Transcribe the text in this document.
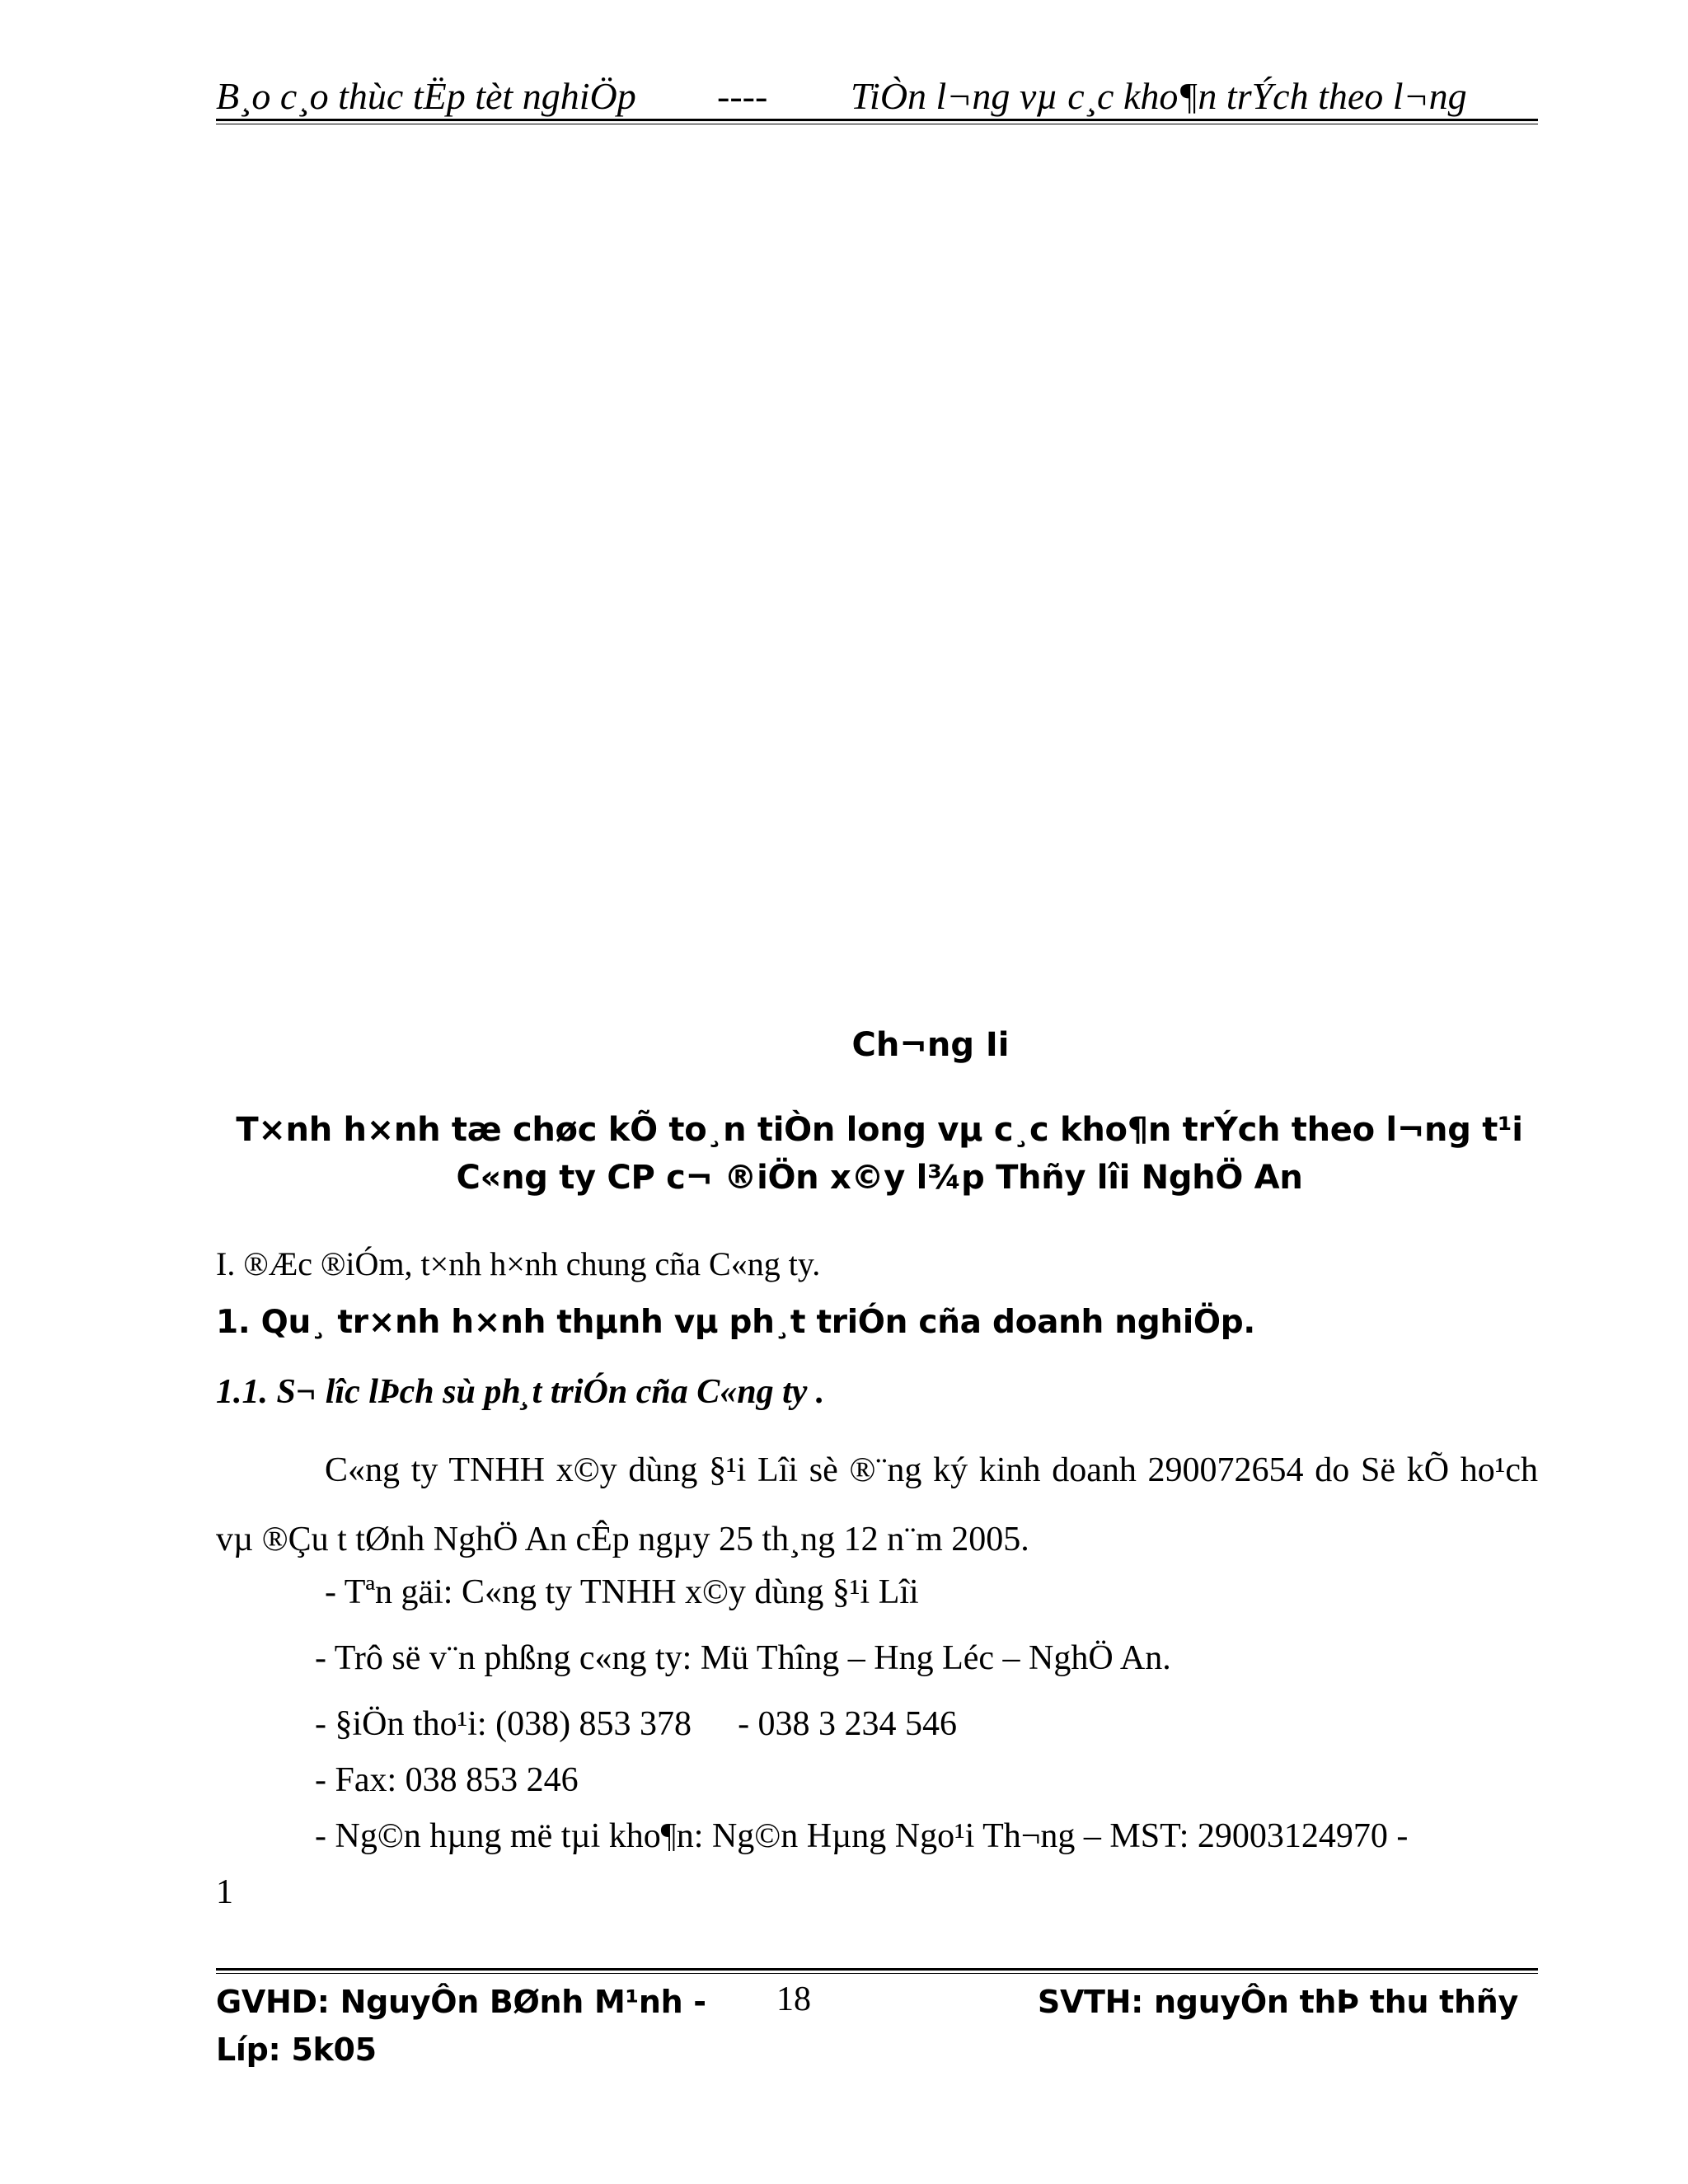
B¸o c¸o thùc tËp tèt nghiÖp ---- TiÒn l¬ng vµ c¸c kho¶n trÝch theo l¬ng
Ch¬ng Ii
T×nh h×nh tæ chøc kÕ to¸n tiÒn long vµ c¸c kho¶n trÝch theo l¬ng t¹i C«ng ty CP c¬ ®iÖn x©y l¾p Thñy lîi NghÖ An
I. ®Æc ®iÓm, t×nh h×nh chung cña C«ng ty.
1. Qu¸ tr×nh h×nh thµnh vµ ph¸t triÓn cña doanh nghiÖp.
1.1. S¬ lîc lÞch sù ph¸t triÓn cña C«ng ty .
C«ng ty TNHH x©y dùng §¹i Lîi sè ®¨ng ký kinh doanh 290072654 do Së kÕ ho¹ch vµ ®Çu t tØnh NghÖ An cÊp ngµy 25 th¸ng 12 n¨m 2005.
- Tªn gäi: C«ng ty TNHH x©y dùng §¹i Lîi
- Trô së v¨n phßng c«ng ty: Mü Thîng – Hng Léc – NghÖ An.
- §iÖn tho¹i: (038) 853 378 - 038 3 234 546
- Fax: 038 853 246
- Ng©n hµng më tµi kho¶n: Ng©n Hµng Ngo¹i Th¬ng – MST: 29003124970 -
1
GVHD: NguyÔn BØnh M¹nh - Líp: 5k05
18	SVTH: nguyÔn thÞ thu thñy
